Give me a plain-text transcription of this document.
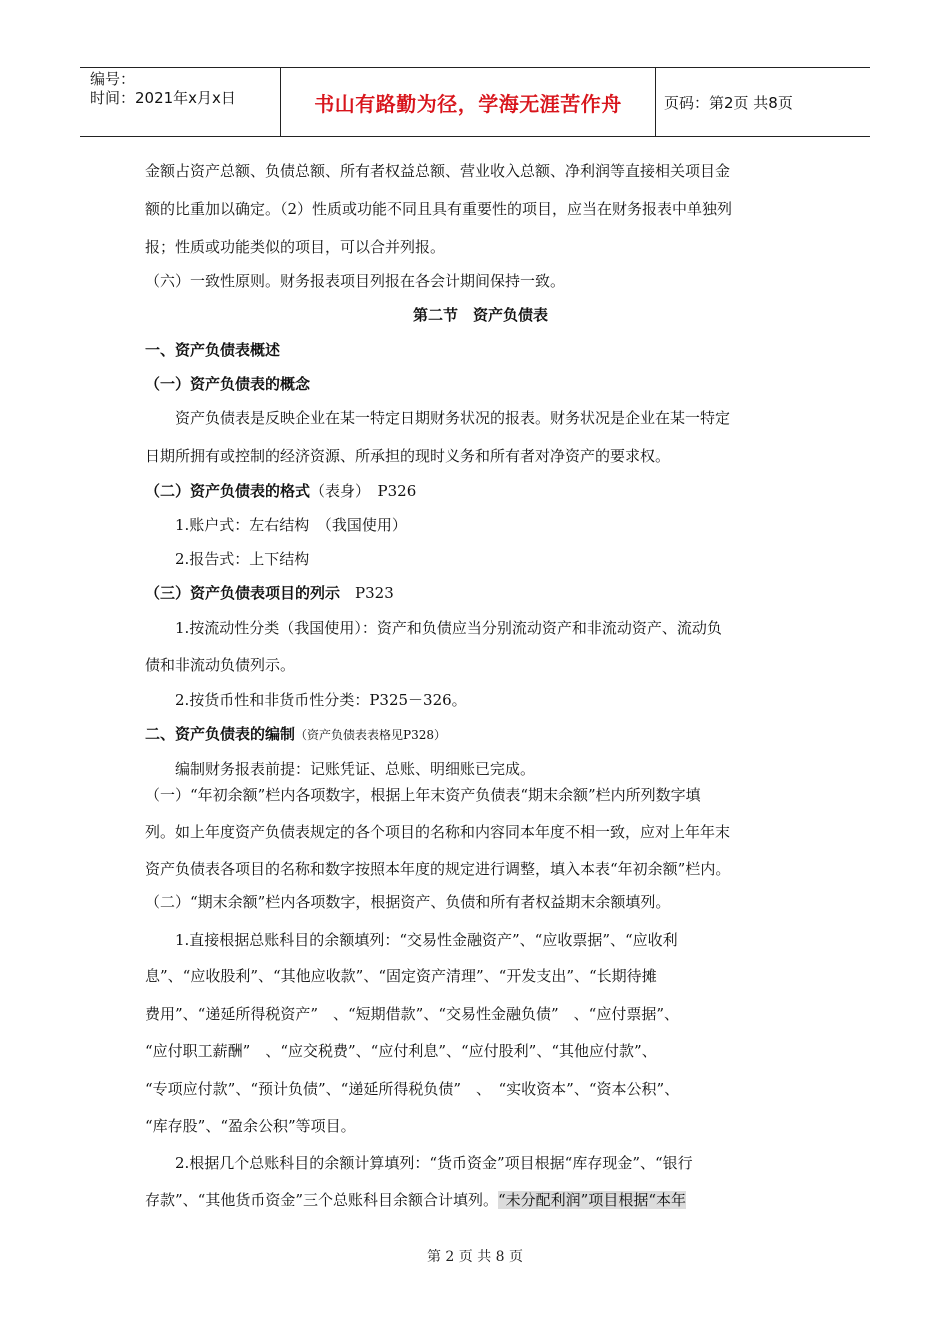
编号：
时间：2021年x月x日	书山有路勤为径，学海无涯苦作舟	页码：第2页 共8页
金额占资产总额、负债总额、所有者权益总额、营业收入总额、净利润等直接相关项目金
额的比重加以确定。（2）性质或功能不同且具有重要性的项目，应当在财务报表中单独列
报；性质或功能类似的项目，可以合并列报。
（六）一致性原则。财务报表项目列报在各会计期间保持一致。
第二节　资产负债表
一、资产负债表概述
（一）资产负债表的概念
资产负债表是反映企业在某一特定日期财务状况的报表。财务状况是企业在某一特定
日期所拥有或控制的经济资源、所承担的现时义务和所有者对净资产的要求权。
（二）资产负债表的格式（表身）　P326
1.账户式：左右结构　（我国使用）
2.报告式：上下结构
（三）资产负债表项目的列示　P323
1.按流动性分类（我国使用）：资产和负债应当分别流动资产和非流动资产、流动负
债和非流动负债列示。
2.按货币性和非货币性分类：P325－326。
二、资产负债表的编制（资产负债表表格见P328）
编制财务报表前提：记账凭证、总账、明细账已完成。
（一）“年初余额”栏内各项数字，根据上年末资产负债表“期末余额”栏内所列数字填
列。如上年度资产负债表规定的各个项目的名称和内容同本年度不相一致，应对上年年末
资产负债表各项目的名称和数字按照本年度的规定进行调整，填入本表“年初余额”栏内。
（二）“期末余额”栏内各项数字，根据资产、负债和所有者权益期末余额填列。
1.直接根据总账科目的余额填列：“交易性金融资产”、“应收票据”、“应收利
息”、“应收股利”、“其他应收款”、“固定资产清理”、“开发支出”、“长期待摊
费用”、“递延所得税资产”　、“短期借款”、“交易性金融负债”　、“应付票据”、
“应付职工薪酬”　、“应交税费”、“应付利息”、“应付股利”、“其他应付款”、
“专项应付款”、“预计负债”、“递延所得税负债”　、　“实收资本”、“资本公积”、
“库存股”、“盈余公积”等项目。
2.根据几个总账科目的余额计算填列：“货币资金”项目根据“库存现金”、“银行
存款”、“其他货币资金”三个总账科目余额合计填列。“未分配利润”项目根据“本年
第 2 页 共 8 页
